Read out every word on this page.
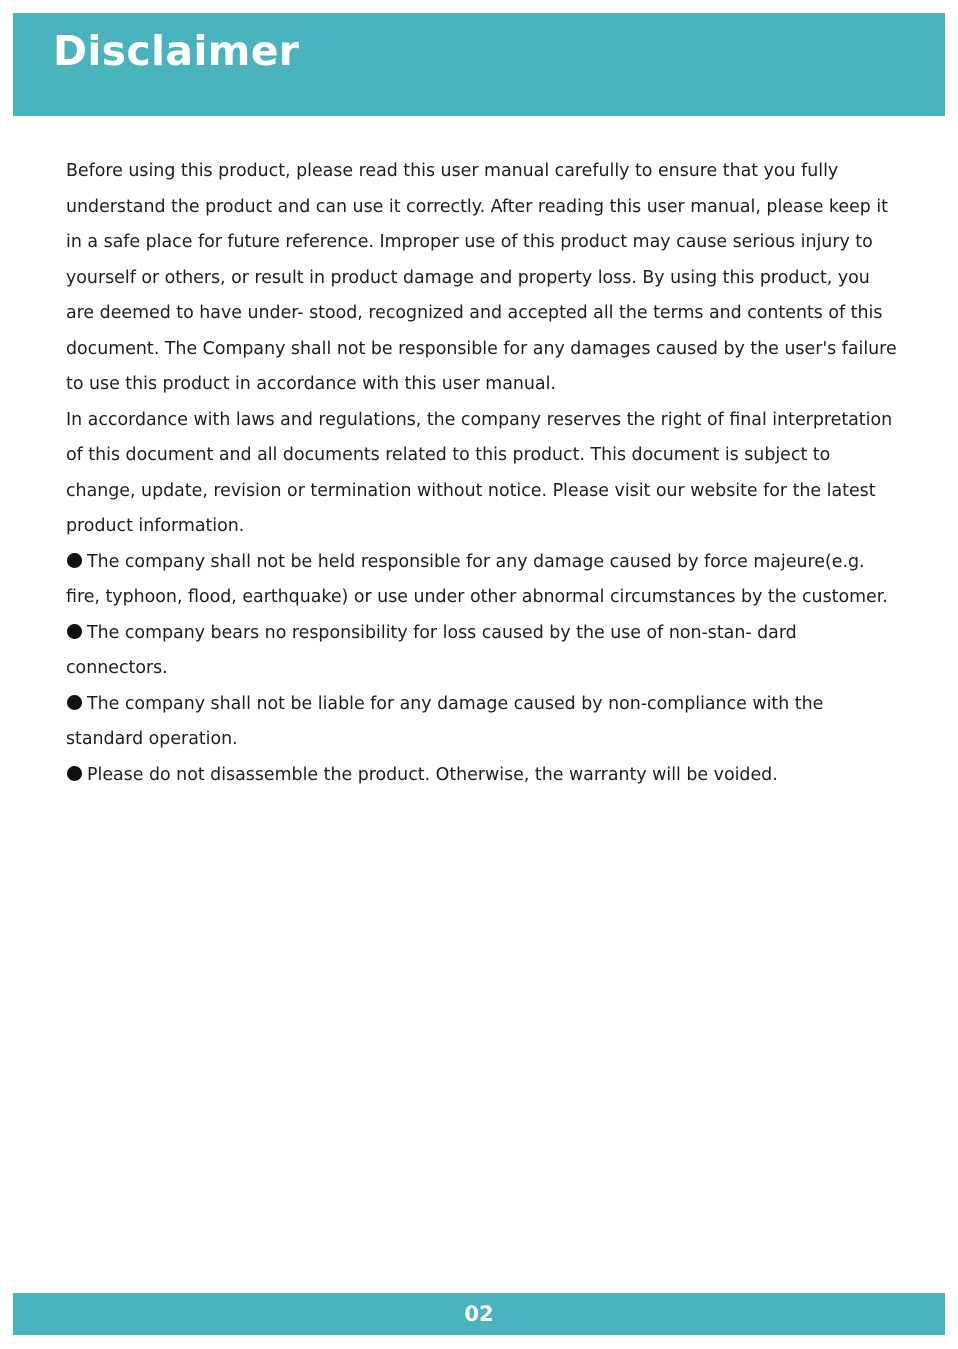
Disclaimer

Before using this product, please read this user manual carefully to ensure that you fully understand the product and can use it correctly. After reading this user manual, please keep it in a safe place for future reference. Improper use of this product may cause serious injury to yourself or others, or result in product damage and property loss. By using this product, you are deemed to have under- stood, recognized and accepted all the terms and contents of this document. The Company shall not be responsible for any damages caused by the user's failure to use this product in accordance with this user manual.

In accordance with laws and regulations, the company reserves the right of final interpretation of this document and all documents related to this product. This document is subject to change, update, revision or termination without notice. Please visit our website for the latest product information.

The company shall not be held responsible for any damage caused by force majeure(e.g. fire, typhoon, flood, earthquake) or use under other abnormal circumstances by the customer.

The company bears no responsibility for loss caused by the use of non-stan- dard connectors.

The company shall not be liable for any damage caused by non-compliance with the standard operation.

Please do not disassemble the product. Otherwise, the warranty will be voided.

02
